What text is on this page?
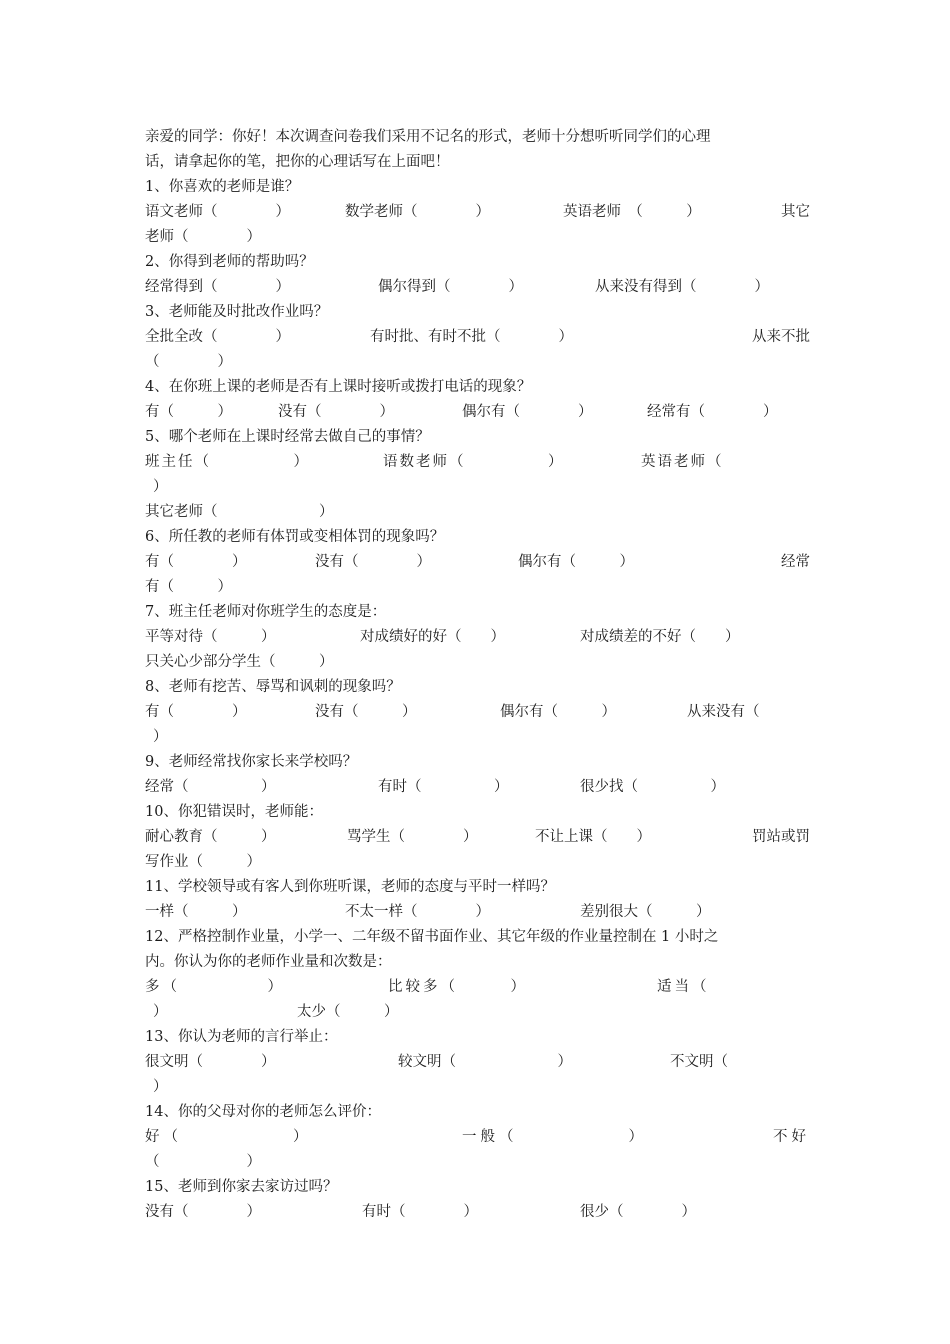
亲爱的同学：你好！本次调查问卷我们采用不记名的形式，老师十分想听听同学们的心理
话，请拿起你的笔，把你的心理话写在上面吧！
1、你喜欢的老师是谁？
语文老师（　　　　）	数学老师（　　　　）	英语老师　（　　　）	其它
老师（　　　　）
2、你得到老师的帮助吗？
经常得到（　　　　）	偶尔得到（　　　　）	从来没有得到（　　　　）
3、老师能及时批改作业吗？
全批全改（　　　　）	有时批、有时不批（　　　　）	从来不批
（　　　　）
4、在你班上课的老师是否有上课时接听或拨打电话的现象？
有（　　　）	没有（　　　　）	偶尔有（　　　　）	经常有（　　　　）
5、哪个老师在上课时经常去做自己的事情？
班主任（　　　　　）	语数老师（　　　　　）	英语老师（
）
其它老师（　　　　　　　）
6、所任教的老师有体罚或变相体罚的现象吗？
有（　　　　）	没有（　　　　）	偶尔有（　　　）	经常
有（　　　）
7、班主任老师对你班学生的态度是：
平等对待（　　　）	对成绩好的好（　　）	对成绩差的不好（　　）
只关心少部分学生（　　　）
8、老师有挖苦、辱骂和讽刺的现象吗？
有（　　　　）	没有（　　　）	偶尔有（　　　）	从来没有（
）
9、老师经常找你家长来学校吗？
经常（　　　　　）	有时（　　　　　）	很少找（　　　　　）
10、你犯错误时，老师能：
耐心教育（　　　）	骂学生（　　　　）	不让上课（　　）	罚站或罚
写作业（　　　）
11、学校领导或有客人到你班听课，老师的态度与平时一样吗？
一样（　　　）	不太一样（　　　　）	差别很大（　　　）
12、严格控制作业量，小学一、二年级不留书面作业、其它年级的作业量控制在 1 小时之
内。你认为你的老师作业量和次数是：
多（　　　　　）	比较多（　　　）	适当（
）	太少（　　　）
13、你认为老师的言行举止：
很文明（　　　　）	较文明（　　　　　　　）	不文明（
）
14、你的父母对你的老师怎么评价：
好（　　　　　　）	一般（　　　　　　）	不好
（　　　　　　）
15、老师到你家去家访过吗？
没有（　　　　）	有时（　　　　）	很少（　　　　）
